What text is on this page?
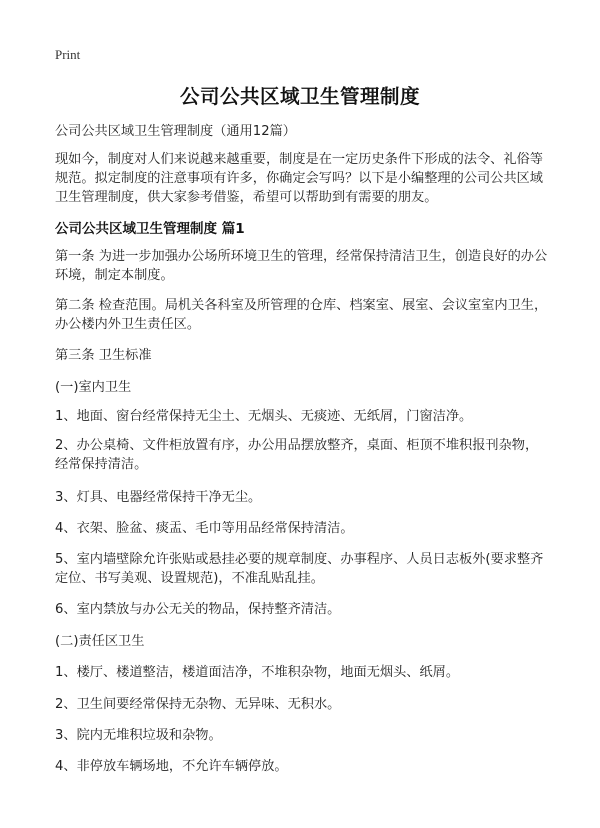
Print
公司公共区域卫生管理制度
公司公共区域卫生管理制度（通用12篇）

现如今，制度对人们来说越来越重要，制度是在一定历史条件下形成的法令、礼俗等规范。拟定制度的注意事项有许多，你确定会写吗？以下是小编整理的公司公共区域卫生管理制度，供大家参考借鉴，希望可以帮助到有需要的朋友。

公司公共区域卫生管理制度 篇1

第一条 为进一步加强办公场所环境卫生的管理，经常保持清洁卫生，创造良好的办公环境，制定本制度。

第二条 检查范围。局机关各科室及所管理的仓库、档案室、展室、会议室室内卫生，办公楼内外卫生责任区。

第三条 卫生标准

(一)室内卫生

1、地面、窗台经常保持无尘土、无烟头、无痰迹、无纸屑，门窗洁净。

2、办公桌椅、文件柜放置有序，办公用品摆放整齐，桌面、柜顶不堆积报刊杂物，经常保持清洁。

3、灯具、电器经常保持干净无尘。

4、衣架、脸盆、痰盂、毛巾等用品经常保持清洁。

5、室内墙壁除允许张贴或悬挂必要的规章制度、办事程序、人员日志板外(要求整齐定位、书写美观、设置规范)，不准乱贴乱挂。

6、室内禁放与办公无关的物品，保持整齐清洁。

(二)责任区卫生

1、楼厅、楼道整洁，楼道面洁净，不堆积杂物，地面无烟头、纸屑。

2、卫生间要经常保持无杂物、无异味、无积水。

3、院内无堆积垃圾和杂物。

4、非停放车辆场地，不允许车辆停放。
